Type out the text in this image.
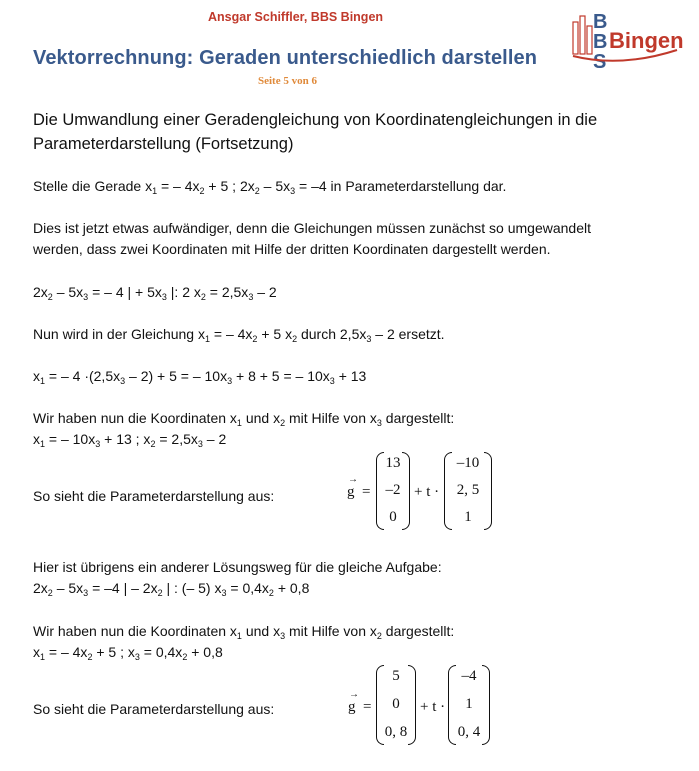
Ansgar Schiffler, BBS Bingen
Vektorrechnung: Geraden unterschiedlich darstellen
Seite 5 von 6
B
B
S
Bingen
Die Umwandlung einer Geradengleichung von Koordinatengleichungen in die
Parameterdarstellung (Fortsetzung)
Stelle die Gerade $x_1$ = – $4x_2 + 5$ ; $2x_2 - 5x_3 = -4$ in Parameterdarstellung dar.
Dies ist jetzt etwas aufwändiger, denn die Gleichungen müssen zunächst so umgewandelt
werden, dass zwei Koordinaten mit Hilfe der dritten Koordinaten dargestellt werden.
$2x_2 - 5x_3$ = – 4 | + $5x_3$ |: 2 $x_2 = 2,5x_3 - 2$
Nun wird in der Gleichung $x_1$ = – $4x_2 + 5$ $x_2$ durch $2,5x_3 - 2$ ersetzt.
$x_1$ = – $4 \cdot(2,5x_3 - 2) + 5$ = – $10x_3 + 8 + 5$ = – $10x_3 + 13$
Wir haben nun die Koordinaten $x_1$ und $x_2$ mit Hilfe von $x_3$ dargestellt:
$x_1$ = – $10x_3 + 13$ ; $x_2 = 2,5x_3 - 2$
So sieht die Parameterdarstellung aus:
→
g =
13
–2
0
+ t ·
–10
2, 5
1
Hier ist übrigens ein anderer Lösungsweg für die gleiche Aufgabe:
$2x_2 - 5x_3 = -4$ | – $2x_2$ | : (– 5) $x_3 = 0,4x_2 + 0,8$
Wir haben nun die Koordinaten $x_1$ und $x_3$ mit Hilfe von $x_2$ dargestellt:
$x_1$ = – $4x_2 + 5$ ; $x_3 = 0,4x_2 + 0,8$
So sieht die Parameterdarstellung aus:
→
g =
5
0
0, 8
+ t ·
–4
1
0, 4
